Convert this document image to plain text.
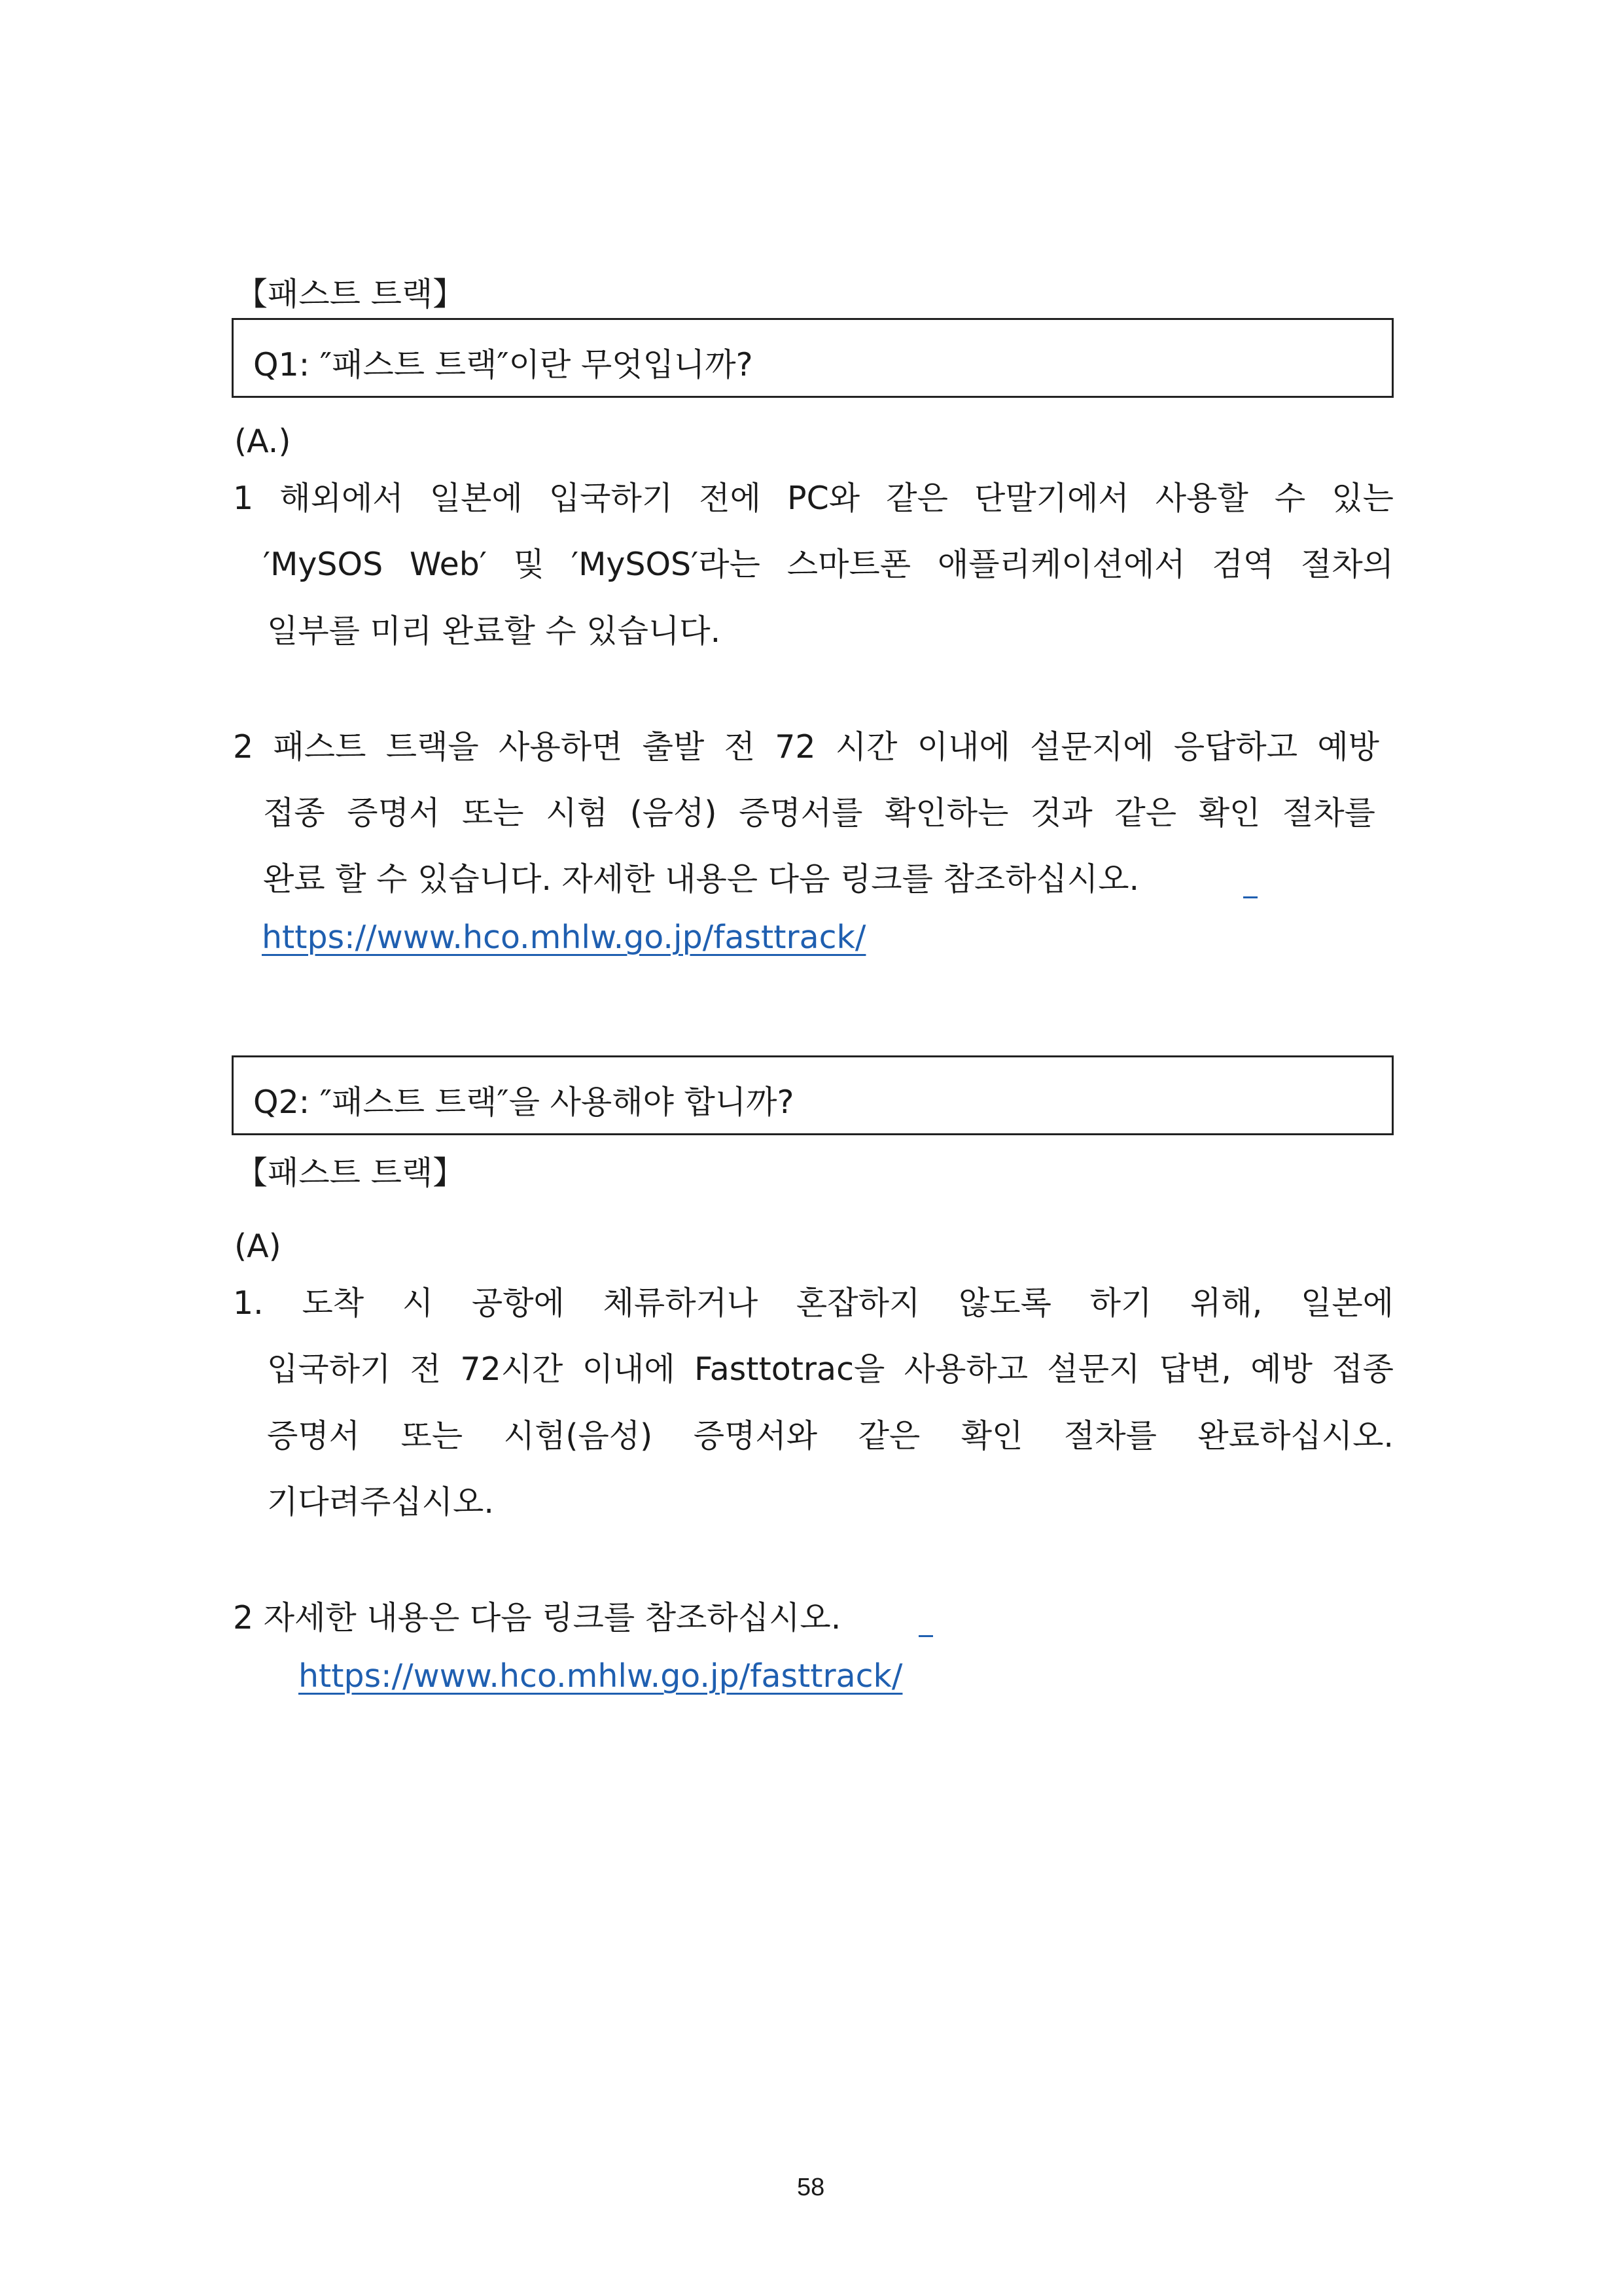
【패스트 트랙】
Q1: ″패스트 트랙″이란 무엇입니까?
(A.)
1 해외에서 일본에 입국하기 전에 PC와 같은 단말기에서 사용할 수 있는
′MySOS Web′ 및 ′MySOS′라는 스마트폰 애플리케이션에서 검역 절차의
일부를 미리 완료할 수 있습니다.
2 패스트 트랙을 사용하면 출발 전 72 시간 이내에 설문지에 응답하고 예방
접종 증명서 또는 시험 (음성) 증명서를 확인하는 것과 같은 확인 절차를
완료 할 수 있습니다. 자세한 내용은 다음 링크를 참조하십시오.
https://www.hco.mhlw.go.jp/fasttrack/
Q2: ″패스트 트랙″을 사용해야 합니까?
【패스트 트랙】
(A)
1. 도착 시 공항에 체류하거나 혼잡하지 않도록 하기 위해, 일본에
입국하기 전 72시간 이내에 Fasttotrac을 사용하고 설문지 답변, 예방 접종
증명서 또는 시험(음성) 증명서와 같은 확인 절차를 완료하십시오.
기다려주십시오.
2 자세한 내용은 다음 링크를 참조하십시오.
https://www.hco.mhlw.go.jp/fasttrack/
58
